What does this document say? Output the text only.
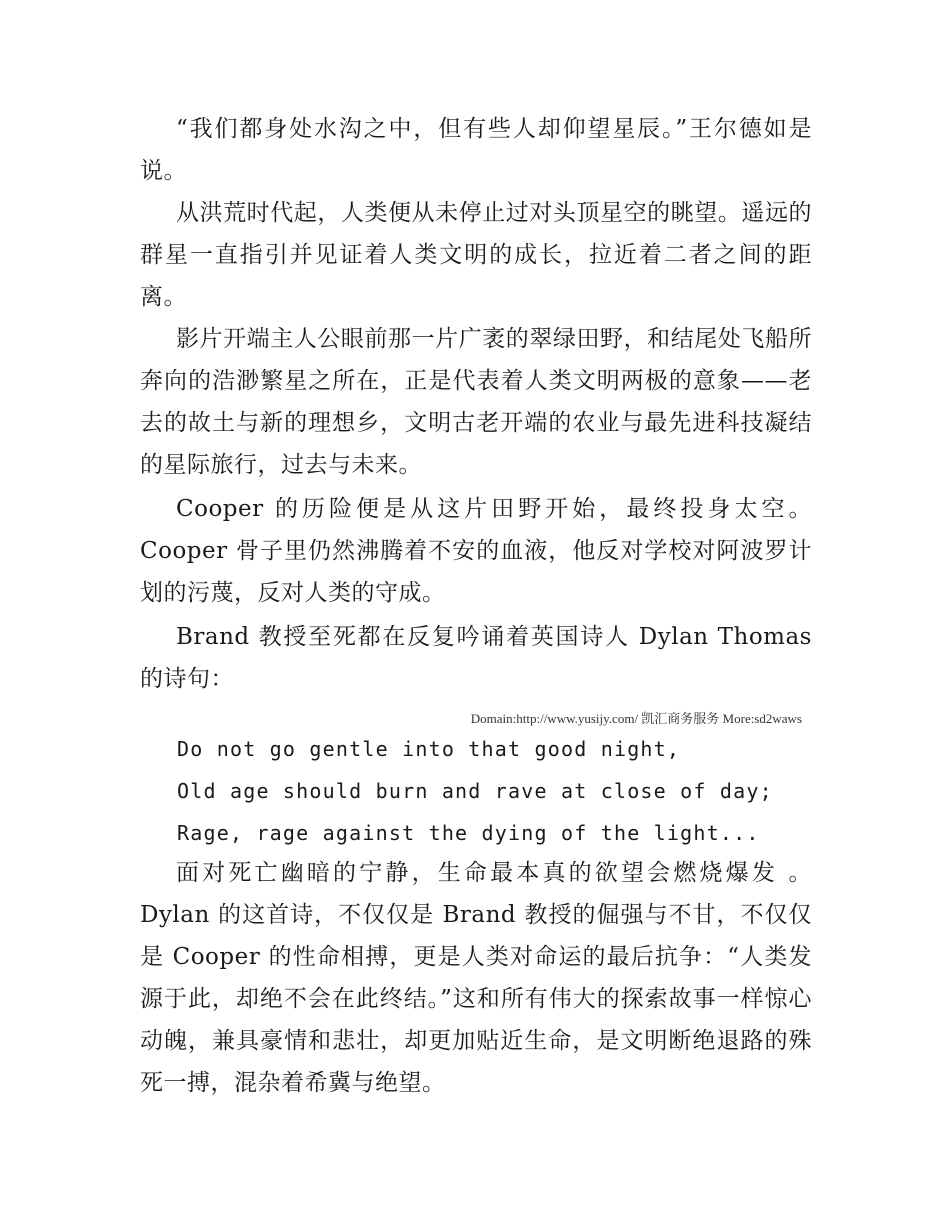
“我们都身处水沟之中，但有些人却仰望星辰。”王尔德如是说。

从洪荒时代起，人类便从未停止过对头顶星空的眺望。遥远的群星一直指引并见证着人类文明的成长，拉近着二者之间的距离。

影片开端主人公眼前那一片广袤的翠绿田野，和结尾处飞船所奔向的浩渺繁星之所在，正是代表着人类文明两极的意象——老去的故土与新的理想乡，文明古老开端的农业与最先进科技凝结的星际旅行，过去与未来。

Cooper 的历险便是从这片田野开始，最终投身太空。Cooper 骨子里仍然沸腾着不安的血液，他反对学校对阿波罗计划的污蔑，反对人类的守成。

Brand 教授至死都在反复吟诵着英国诗人 Dylan Thomas 的诗句：

Domain:http://www.yusijy.com/ 凯汇商务服务 More:sd2waws
Do not go gentle into that good night,
Old age should burn and rave at close of day;
Rage, rage against the dying of the light...

面对死亡幽暗的宁静，生命最本真的欲望会燃烧爆发 。Dylan 的这首诗，不仅仅是 Brand 教授的倔强与不甘，不仅仅是 Cooper 的性命相搏，更是人类对命运的最后抗争：“人类发源于此，却绝不会在此终结。”这和所有伟大的探索故事一样惊心动魄，兼具豪情和悲壮，却更加贴近生命，是文明断绝退路的殊死一搏，混杂着希冀与绝望。
